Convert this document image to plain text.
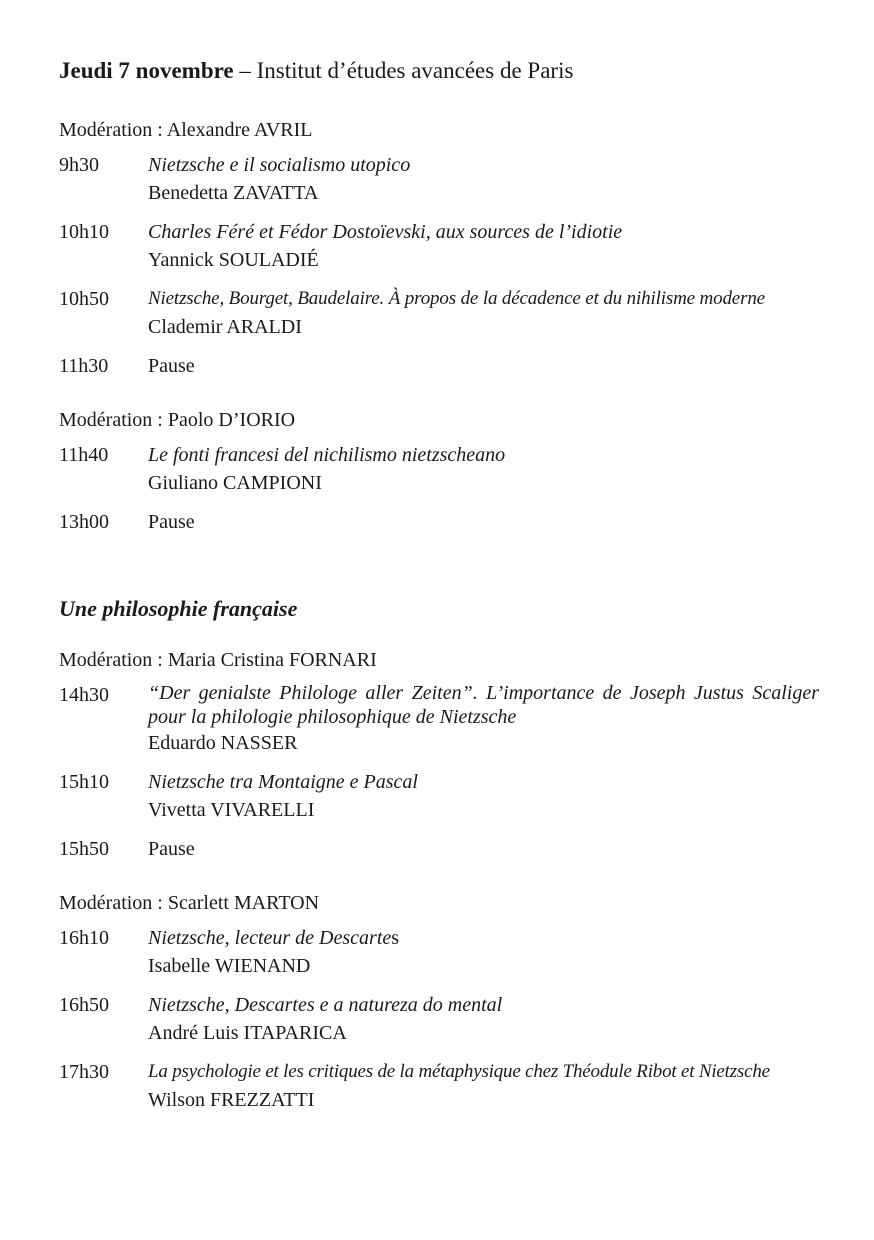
Jeudi 7 novembre – Institut d’études avancées de Paris
Modération : Alexandre AVRIL
9h30	Nietzsche e il socialismo utopico
Benedetta ZAVATTA
10h10	Charles Féré et Fédor Dostoïevski, aux sources de l’idiotie
Yannick SOULADIÉ
10h50	Nietzsche, Bourget, Baudelaire. À propos de la décadence et du nihilisme moderne
Clademir ARALDI
11h30	Pause
Modération : Paolo D’IORIO
11h40	Le fonti francesi del nichilismo nietzscheano
Giuliano CAMPIONI
13h00	Pause
Une philosophie française
Modération : Maria Cristina FORNARI
14h30	“Der genialste Philologe aller Zeiten”. L’importance de Joseph Justus Scaliger pour la philologie philosophique de Nietzsche
Eduardo NASSER
15h10	Nietzsche tra Montaigne e Pascal
Vivetta VIVARELLI
15h50	Pause
Modération : Scarlett MARTON
16h10	Nietzsche, lecteur de Descartes
Isabelle WIENAND
16h50	Nietzsche, Descartes e a natureza do mental
André Luis ITAPARICA
17h30	La psychologie et les critiques de la métaphysique chez Théodule Ribot et Nietzsche
Wilson FREZZATTI
